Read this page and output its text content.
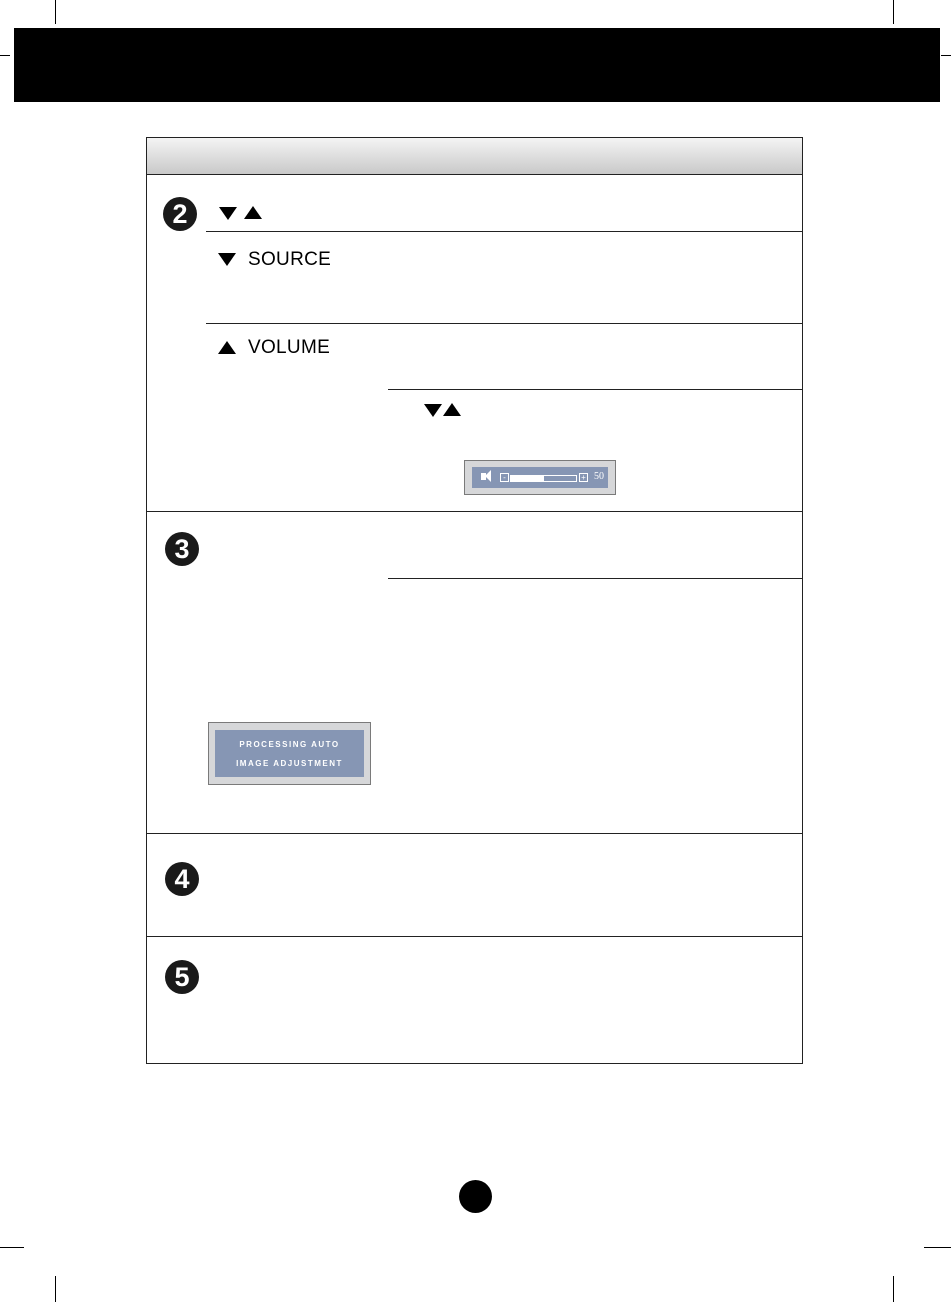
2
3
4
5
SOURCE
VOLUME
-	+ 50
PROCESSING AUTO
IMAGE ADJUSTMENT
